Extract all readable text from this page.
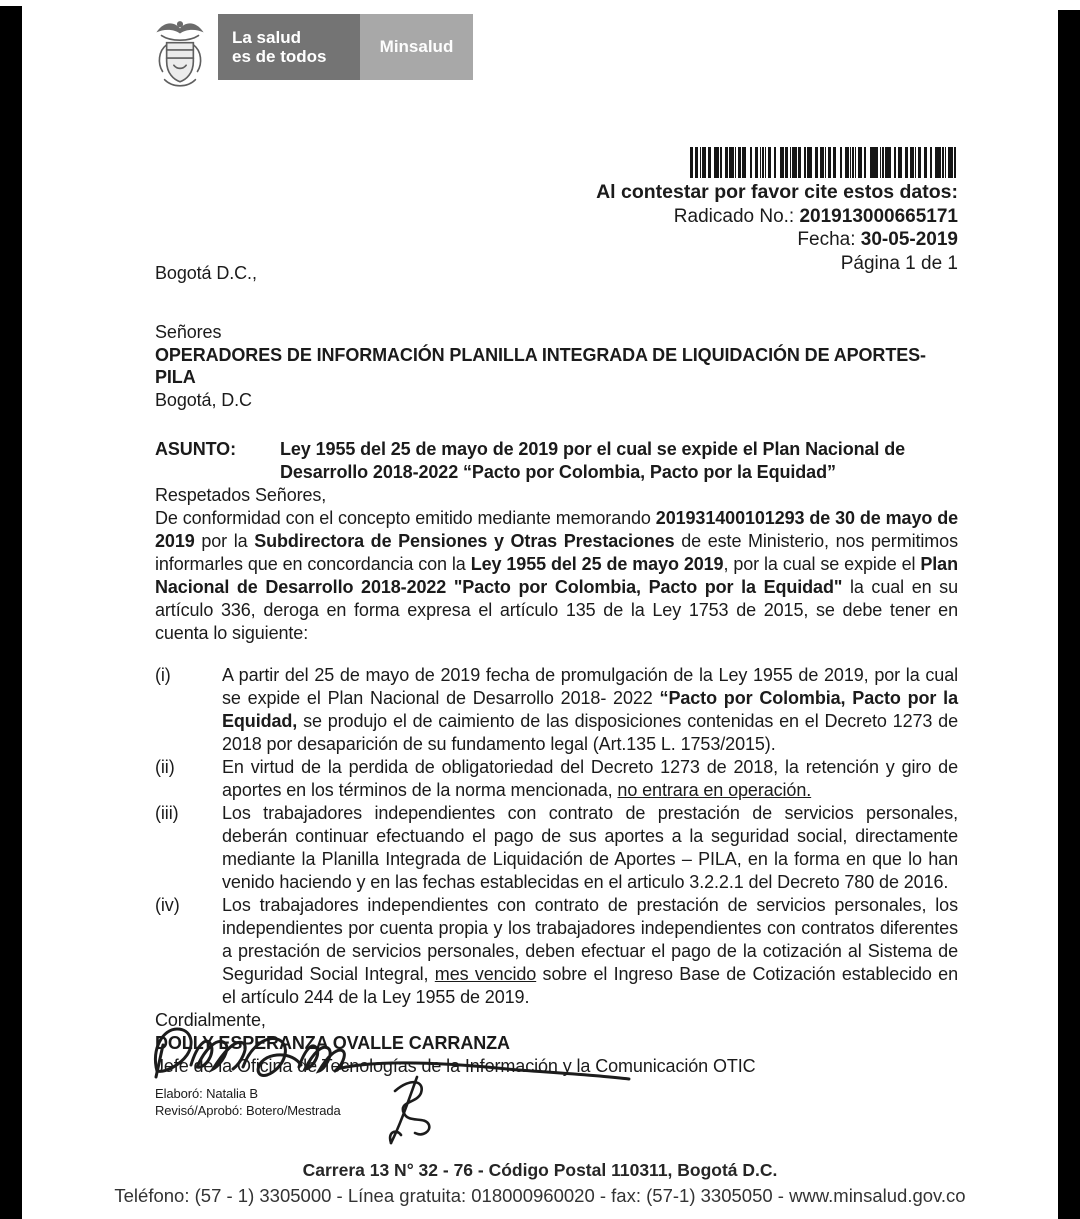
La salud
es de todos
Minsalud
Al contestar por favor cite estos datos:
Radicado No.: 201913000665171
Fecha: 30-05-2019
Página 1 de 1

Bogotá D.C.,

Señores

OPERADORES DE INFORMACIÓN PLANILLA INTEGRADA DE LIQUIDACIÓN DE APORTES-PILA

Bogotá, D.C

ASUNTO:	Ley 1955 del 25 de mayo de 2019 por el cual se expide el Plan Nacional de Desarrollo 2018-2022 “Pacto por Colombia, Pacto por la Equidad”

Respetados Señores,

De conformidad con el concepto emitido mediante memorando 201931400101293 de 30 de mayo de 2019 por la Subdirectora de Pensiones y Otras Prestaciones de este Ministerio, nos permitimos informarles que en concordancia con la Ley 1955 del 25 de mayo 2019, por la cual se expide el Plan Nacional de Desarrollo 2018-2022 "Pacto por Colombia, Pacto por la Equidad" la cual en su artículo 336, deroga en forma expresa el artículo 135 de la Ley 1753 de 2015, se debe tener en cuenta lo siguiente:

(i)	A partir del 25 de mayo de 2019 fecha de promulgación de la Ley 1955 de 2019, por la cual se expide el Plan Nacional de Desarrollo 2018- 2022 “Pacto por Colombia, Pacto por la Equidad, se produjo el de caimiento de las disposiciones contenidas en el Decreto 1273 de 2018 por desaparición de su fundamento legal (Art.135 L. 1753/2015).
(ii)	En virtud de la perdida de obligatoriedad del Decreto 1273 de 2018, la retención y giro de aportes en los términos de la norma mencionada, no entrara en operación.
(iii)	Los trabajadores independientes con contrato de prestación de servicios personales, deberán continuar efectuando el pago de sus aportes a la seguridad social, directamente mediante la Planilla Integrada de Liquidación de Aportes – PILA, en la forma en que lo han venido haciendo y en las fechas establecidas en el articulo 3.2.2.1 del Decreto 780 de 2016.
(iv)	Los trabajadores independientes con contrato de prestación de servicios personales, los independientes por cuenta propia y los trabajadores independientes con contratos diferentes a prestación de servicios personales, deben efectuar el pago de la cotización al Sistema de Seguridad Social Integral, mes vencido sobre el Ingreso Base de Cotización establecido en el artículo 244 de la Ley 1955 de 2019.

Cordialmente,

DOLLY ESPERANZA OVALLE CARRANZA

Jefe de la Oficina de Tecnologías de la Información y la Comunicación OTIC

Elaboró: Natalia B
Revisó/Aprobó: Botero/Mestrada
Carrera 13 N° 32 - 76 - Código Postal 110311, Bogotá D.C.
Teléfono: (57 - 1) 3305000 - Línea gratuita: 018000960020 - fax: (57-1) 3305050 - www.minsalud.gov.co
